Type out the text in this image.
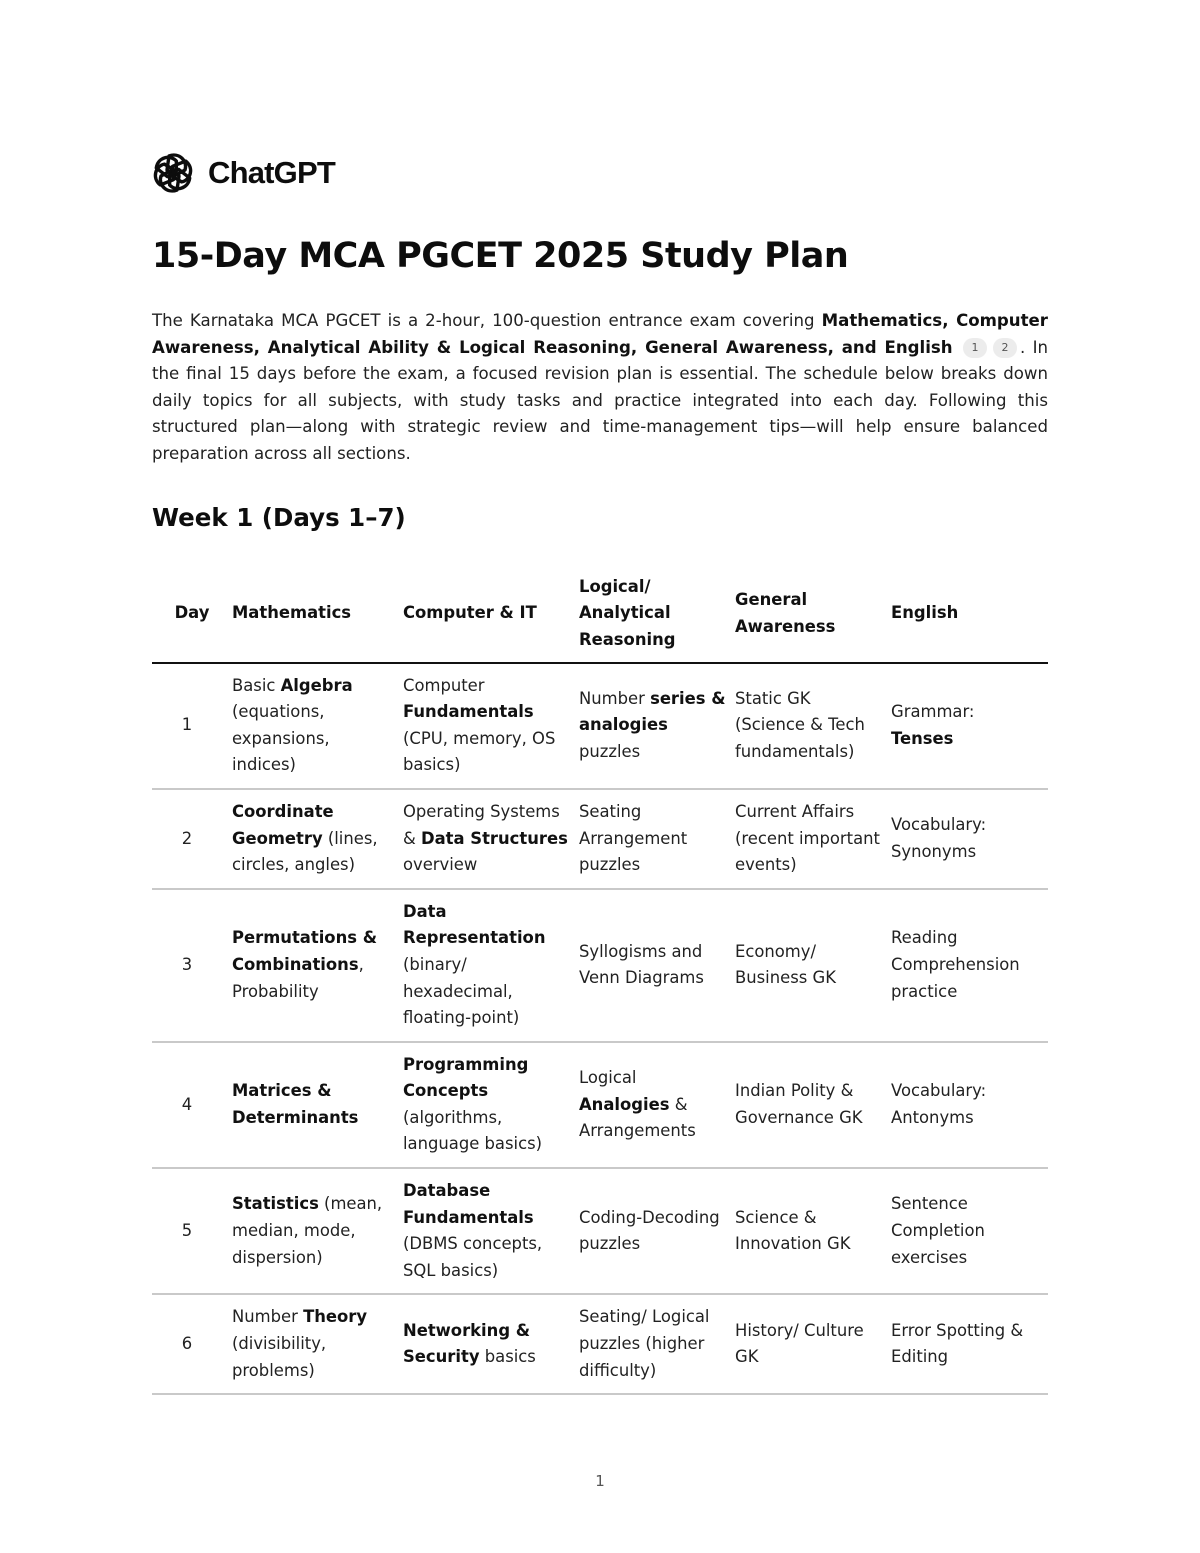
ChatGPT
15-Day MCA PGCET 2025 Study Plan

The Karnataka MCA PGCET is a 2-hour, 100-question entrance exam covering Mathematics, Computer Awareness, Analytical Ability & Logical Reasoning, General Awareness, and English 1 2 . In the final 15 days before the exam, a focused revision plan is essential. The schedule below breaks down daily topics for all subjects, with study tasks and practice integrated into each day. Following this structured plan—along with strategic review and time-management tips—will help ensure balanced preparation across all sections.

Week 1 (Days 1–7)
Day	Mathematics	Computer & IT	Logical/ Analytical Reasoning	General Awareness	English
1	Basic Algebra (equations, expansions, indices)	Computer Fundamentals (CPU, memory, OS basics)	Number series & analogies puzzles	Static GK (Science & Tech fundamentals)	Grammar: Tenses
2	Coordinate Geometry (lines, circles, angles)	Operating Systems & Data Structures overview	Seating Arrangement puzzles	Current Affairs (recent important events)	Vocabulary: Synonyms
3	Permutations & Combinations, Probability	Data Representation (binary/ hexadecimal, floating-point)	Syllogisms and Venn Diagrams	Economy/ Business GK	Reading Comprehension practice
4	Matrices & Determinants	Programming Concepts (algorithms, language basics)	Logical Analogies & Arrangements	Indian Polity & Governance GK	Vocabulary: Antonyms
5	Statistics (mean, median, mode, dispersion)	Database Fundamentals (DBMS concepts, SQL basics)	Coding-Decoding puzzles	Science & Innovation GK	Sentence Completion exercises
6	Number Theory (divisibility, problems)	Networking & Security basics	Seating/ Logical puzzles (higher difficulty)	History/ Culture GK	Error Spotting & Editing
1
